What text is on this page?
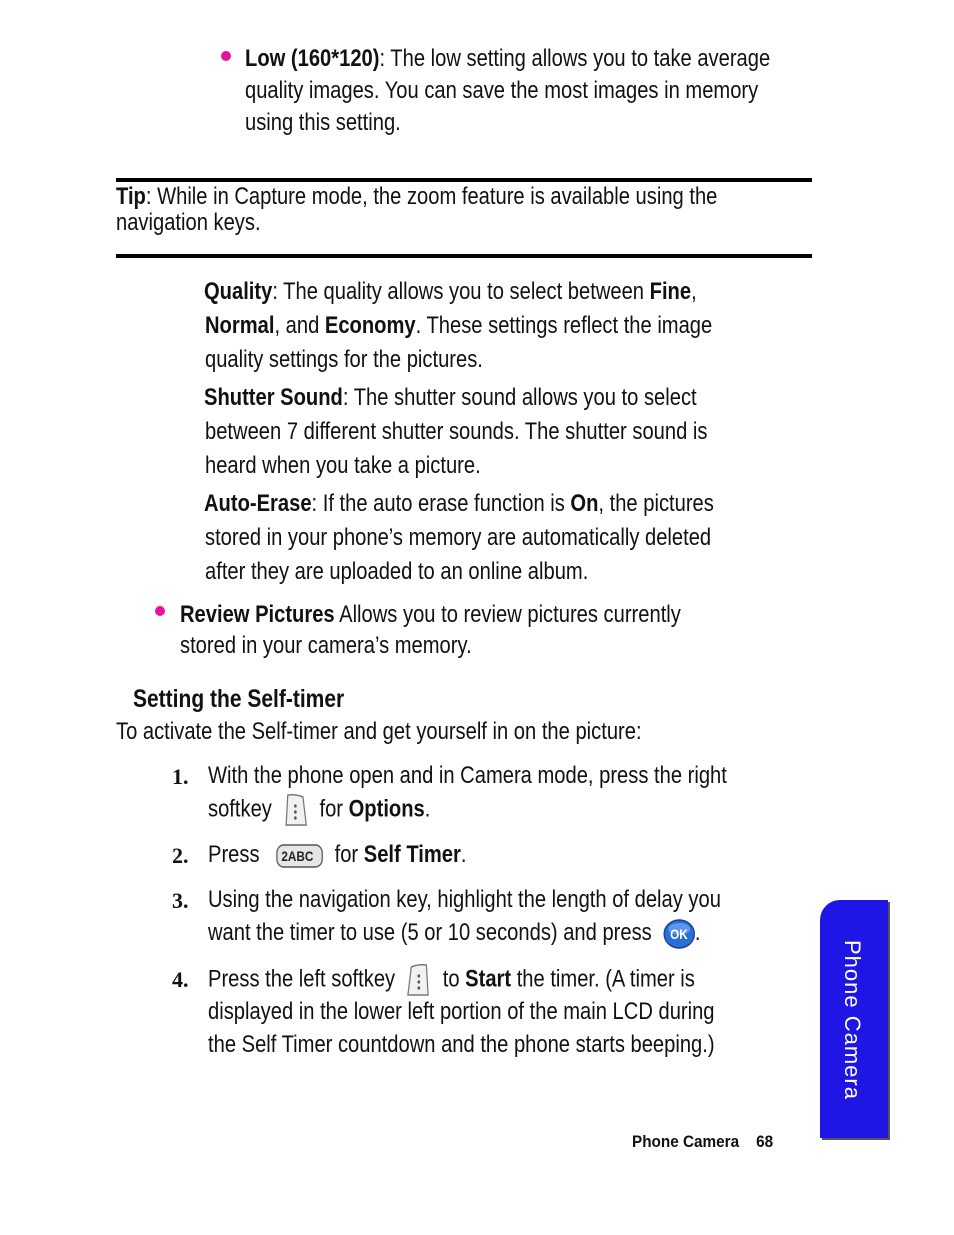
Low (160*120): The low setting allows you to take average
quality images. You can save the most images in memory
using this setting.
Tip: While in Capture mode, the zoom feature is available using the
navigation keys.
Quality: The quality allows you to select between Fine,
Normal, and Economy. These settings reflect the image
quality settings for the pictures.
Shutter Sound: The shutter sound allows you to select
between 7 different shutter sounds. The shutter sound is
heard when you take a picture.
Auto-Erase: If the auto erase function is On, the pictures
stored in your phone’s memory are automatically deleted
after they are uploaded to an online album.
Review Pictures Allows you to review pictures currently
stored in your camera’s memory.
Setting the Self-timer
To activate the Self-timer and get yourself in on the picture:
1. With the phone open and in Camera mode, press the right
softkey for Options.
2. Press 2ABC for Self Timer.
3. Using the navigation key, highlight the length of delay you
want the timer to use (5 or 10 seconds) and press	OK .
4. Press the left softkey to Start the timer. (A timer is
displayed in the lower left portion of the main LCD during
the Self Timer countdown and the phone starts beeping.)	Phone Camera
Phone Camera 68
